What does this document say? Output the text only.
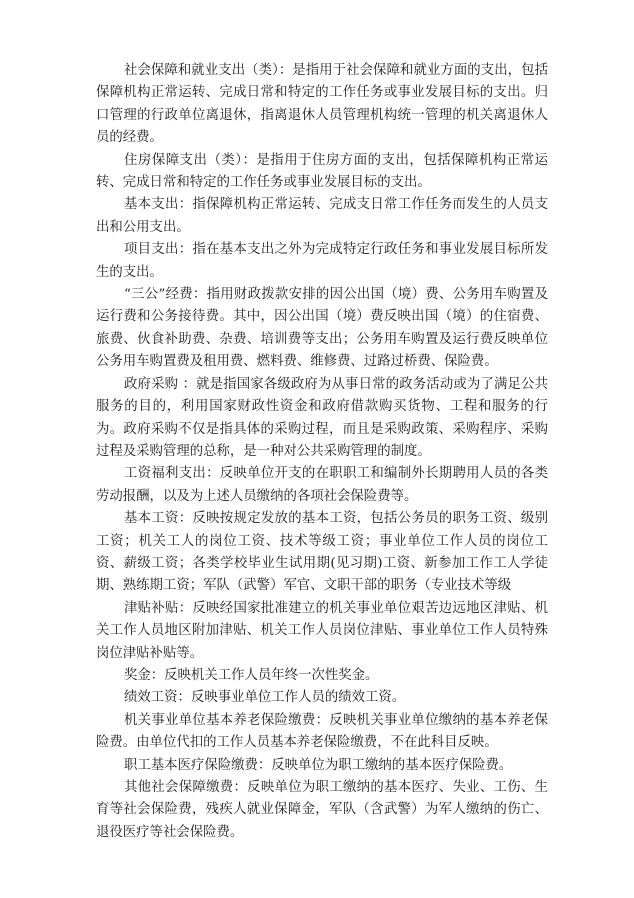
社会保障和就业支出（类）：是指用于社会保障和就业方面的支出，包括保障机构正常运转、完成日常和特定的工作任务或事业发展目标的支出。归口管理的行政单位离退休，指离退休人员管理机构统一管理的机关离退休人员的经费。

住房保障支出（类）：是指用于住房方面的支出，包括保障机构正常运转、完成日常和特定的工作任务或事业发展目标的支出。

基本支出：指保障机构正常运转、完成支日常工作任务而发生的人员支出和公用支出。

项目支出：指在基本支出之外为完成特定行政任务和事业发展目标所发生的支出。

“三公”经费：指用财政拨款安排的因公出国（境）费、公务用车购置及运行费和公务接待费。其中，因公出国（境）费反映出国（境）的住宿费、旅费、伙食补助费、杂费、培训费等支出；公务用车购置及运行费反映单位公务用车购置费及租用费、燃料费、维修费、过路过桥费、保险费。

政府采购 ：就是指国家各级政府为从事日常的政务活动或为了满足公共服务的目的，利用国家财政性资金和政府借款购买货物、工程和服务的行为。政府采购不仅是指具体的采购过程，而且是采购政策、采购程序、采购过程及采购管理的总称，是一种对公共采购管理的制度。

工资福利支出：反映单位开支的在职职工和编制外长期聘用人员的各类劳动报酬，以及为上述人员缴纳的各项社会保险费等。

基本工资：反映按规定发放的基本工资，包括公务员的职务工资、级别工资；机关工人的岗位工资、技术等级工资；事业单位工作人员的岗位工资、薪级工资；各类学校毕业生试用期(见习期)工资、新参加工作工人学徒期、熟练期工资；军队（武警）军官、文职干部的职务（专业技术等级

津贴补贴：反映经国家批准建立的机关事业单位艰苦边远地区津贴、机关工作人员地区附加津贴、机关工作人员岗位津贴、事业单位工作人员特殊岗位津贴补贴等。

奖金：反映机关工作人员年终一次性奖金。

绩效工资：反映事业单位工作人员的绩效工资。

机关事业单位基本养老保险缴费：反映机关事业单位缴纳的基本养老保险费。由单位代扣的工作人员基本养老保险缴费，不在此科目反映。

职工基本医疗保险缴费：反映单位为职工缴纳的基本医疗保险费。

其他社会保障缴费：反映单位为职工缴纳的基本医疗、失业、工伤、生育等社会保险费，残疾人就业保障金，军队（含武警）为军人缴纳的伤亡、退役医疗等社会保险费。
